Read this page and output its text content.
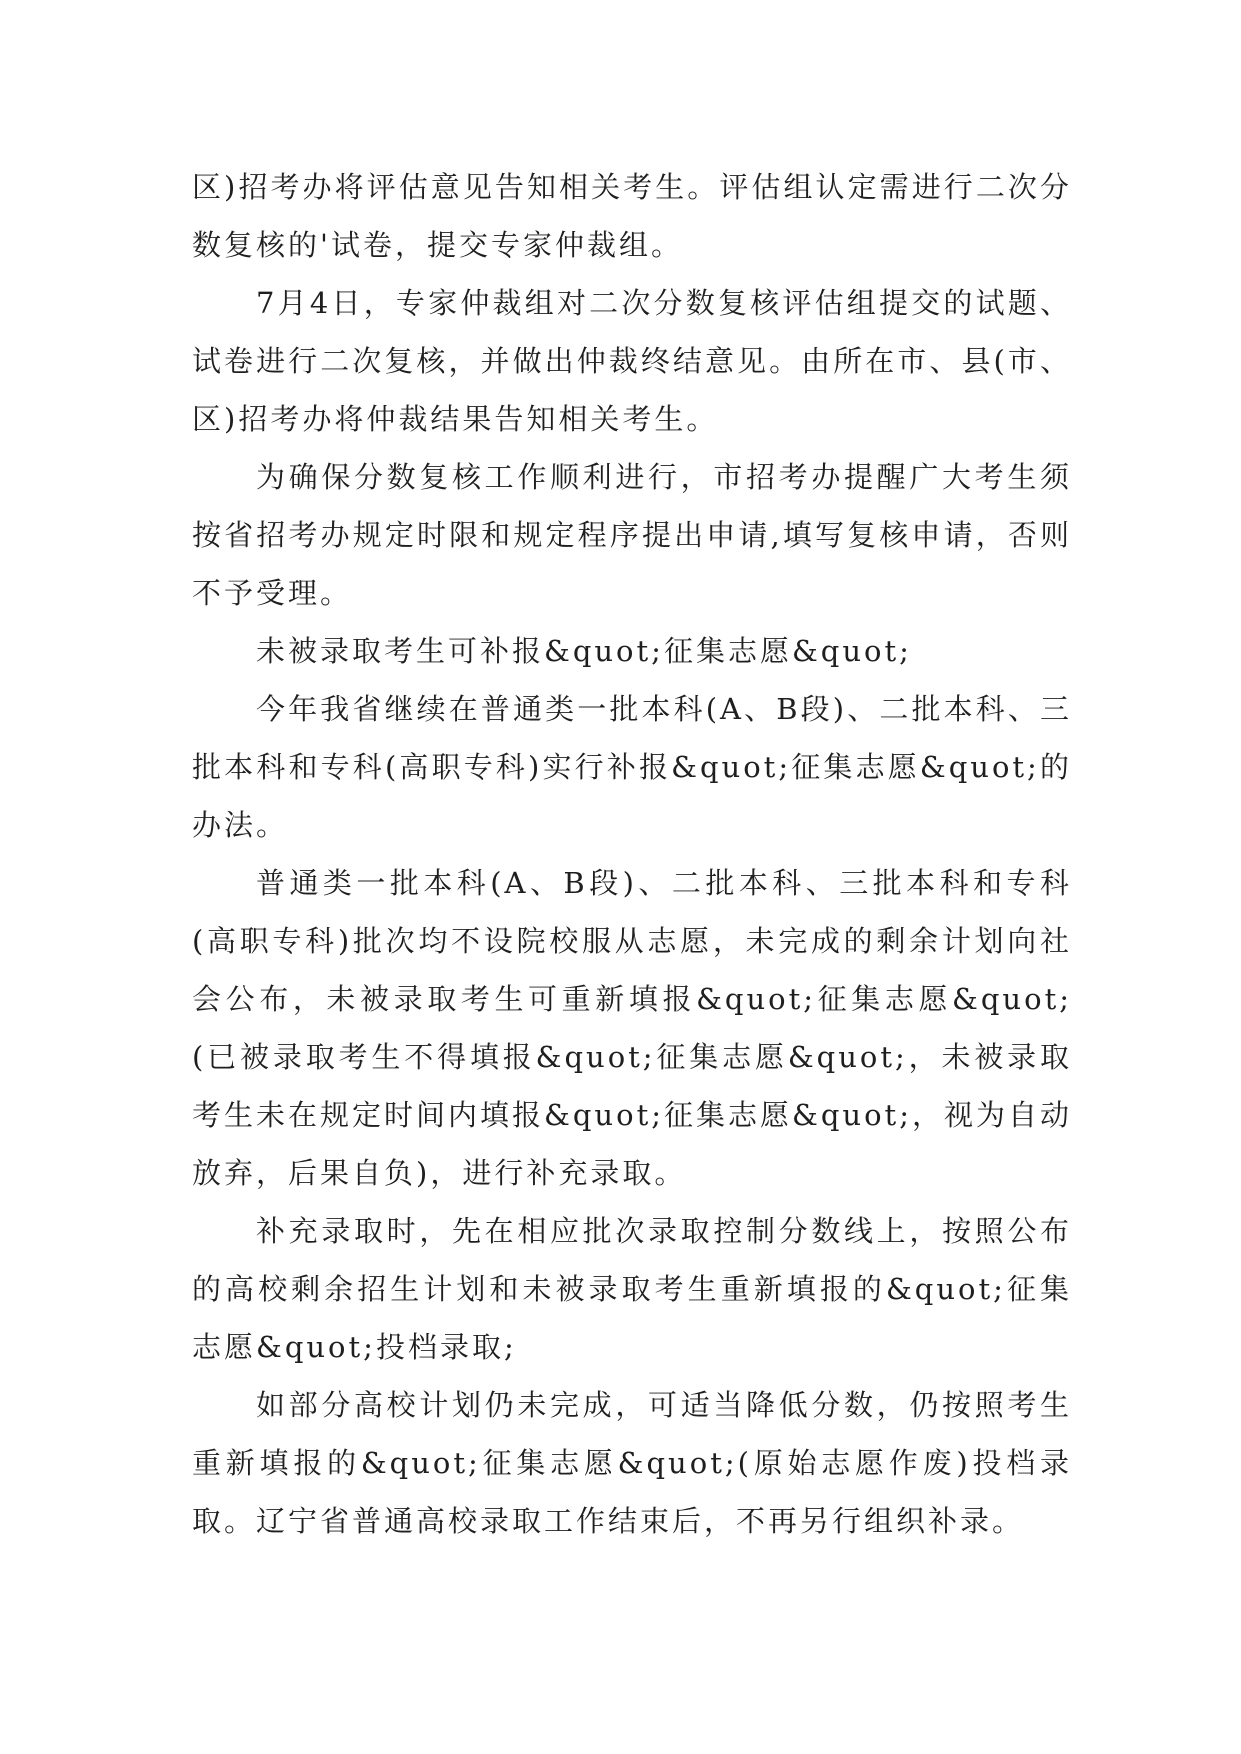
区)招考办将评估意见告知相关考生。评估组认定需进行二次分数复核的'试卷，提交专家仲裁组。

7月4日，专家仲裁组对二次分数复核评估组提交的试题、试卷进行二次复核，并做出仲裁终结意见。由所在市、县(市、区)招考办将仲裁结果告知相关考生。

为确保分数复核工作顺利进行，市招考办提醒广大考生须按省招考办规定时限和规定程序提出申请,填写复核申请，否则不予受理。

未被录取考生可补报&quot;征集志愿&quot;

今年我省继续在普通类一批本科(A、B段)、二批本科、三批本科和专科(高职专科)实行补报&quot;征集志愿&quot;的办法。

普通类一批本科(A、B段)、二批本科、三批本科和专科(高职专科)批次均不设院校服从志愿，未完成的剩余计划向社会公布，未被录取考生可重新填报&quot;征集志愿&quot;(已被录取考生不得填报&quot;征集志愿&quot;，未被录取考生未在规定时间内填报&quot;征集志愿&quot;，视为自动放弃，后果自负)，进行补充录取。

补充录取时，先在相应批次录取控制分数线上，按照公布的高校剩余招生计划和未被录取考生重新填报的&quot;征集志愿&quot;投档录取;

如部分高校计划仍未完成，可适当降低分数，仍按照考生重新填报的&quot;征集志愿&quot;(原始志愿作废)投档录取。辽宁省普通高校录取工作结束后，不再另行组织补录。
